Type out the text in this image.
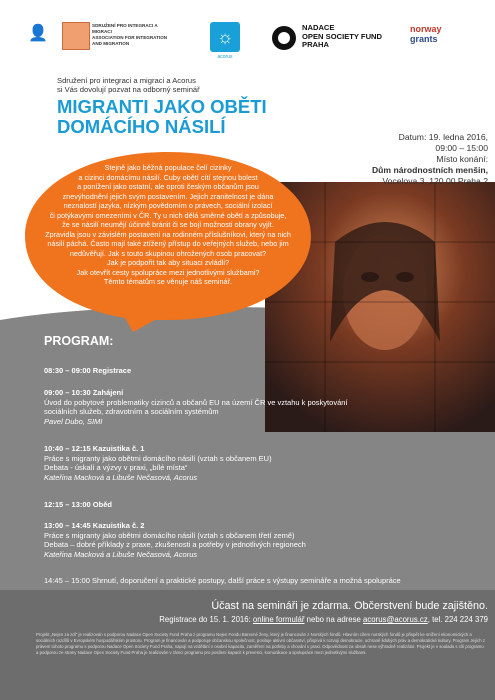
👤	SDRUŽENÍ PRO INTEGRACI A MIGRACI
ASSOCIATION FOR INTEGRATION AND MIGRATION	☼
acorus
NADACE
OPEN SOCIETY FUND
PRAHA
norway
grants
Sdružení pro integraci a migraci a Acorus
si Vás dovolují pozvat na odborný seminář
MIGRANTI JAKO OBĚTI
DOMÁCÍHO NÁSILÍ	Datum: 19. ledna 2016,
09:00 – 15:00
Místo konání:
Dům národnostních menšin,
Vocelova 3, 120 00 Praha 2
Stejně jako běžná populace čelí cizinky
a cizinci domácímu násilí. Cuby obětí cítí stejnou bolest
a ponížení jako ostatní, ale oproti českým občanům jsou
znevýhodnění jejich svým postavením. Jejich zranitelnost je dána
neznalostí jazyka, nízkým povědomím o právech, sociální izolací
či potýkavými omezeními v ČR. Ty u nich dělá směrné obětí a způsobuje,
že se násilí neumějí účinně bránit či se bojí možnosti obrany vyjít.
Zpravidla jsou v závislém postavení na rodinném příslušníkovi, který na nich
násilí páchá. Často mají také ztížený přístup do veřejných služeb, nebo jim
nedůvěřují. Jak s touto skupinou ohrožených osob pracovat?
Jak je podpořit tak aby situaci zvládli?
Jak otevřít cesty spolupráce mezi jednotlivými službami?
Těmto tématům se věnuje náš seminář.
PROGRAM:
08:30 – 09:00 Registrace
09:00 – 10:30 Zahájení
Úvod do pobytové problematiky cizinců a občanů EU na území ČR ve vztahu k poskytování
sociálních služeb, zdravotním a sociálním systémům
Pavel Dubo, SIMI
10:40 – 12:15 Kazuistika č. 1
Práce s migranty jako obětmi domácího násilí (vztah s občanem EU)
Debata - úskalí a výzvy v praxi, „bílé místa“
Kateřina Macková a Libuše Nečasová, Acorus
12:15 – 13:00 Oběd
13:00 – 14:45 Kazuistika č. 2
Práce s migranty jako obětmi domácího násilí (vztah s občanem třetí země)
Debata – dobré příklady z praxe, zkušenosti a potřeby v jednotlivých regionech
Kateřina Macková a Libuše Nečasová, Acorus
14:45 – 15:00 Shrnutí, doporučení a praktické postupy, další práce s výstupy semináře a možná spolupráce
Účast na semináři je zdarma. Občerstvení bude zajištěno.
Registrace do 15. 1. 2016: online formulář nebo na adrese acorus@acorus.cz, tel. 224 224 379
Projekt „Nejen za zdí“ je realizován s podporou Nadace Open Society Fund Praha z programu Nejen Fondu Barevné ženy, který je financován z Norských fondů. Hlavním cílem norských fondů je přispět ke snížení ekonomických a sociálních rozdílů v Evropském hospodářském prostoru. Program je financován a podporuje občanskou společnost, posiluje aktivní občanství, přispívá k rozvoji demokracie, ochraně lidských práv a demokratické kultury. Program Jejích z právem tohoto programu s podporou Nadace Open Society Fund Praha, napojí na vzdělání v osobní kapacitu, zaměření na potřeby a chování v praxi. Odpovědnost za obsah nese výhradně realizátor. Projekt je v souladu s cíli programu a podporou ze strany Nadace Open Society Fund Praha je realizován v rámci programu pro posílení kapacit k prevenci, komunikace a spolupráce mezi jednotlivými službami.
